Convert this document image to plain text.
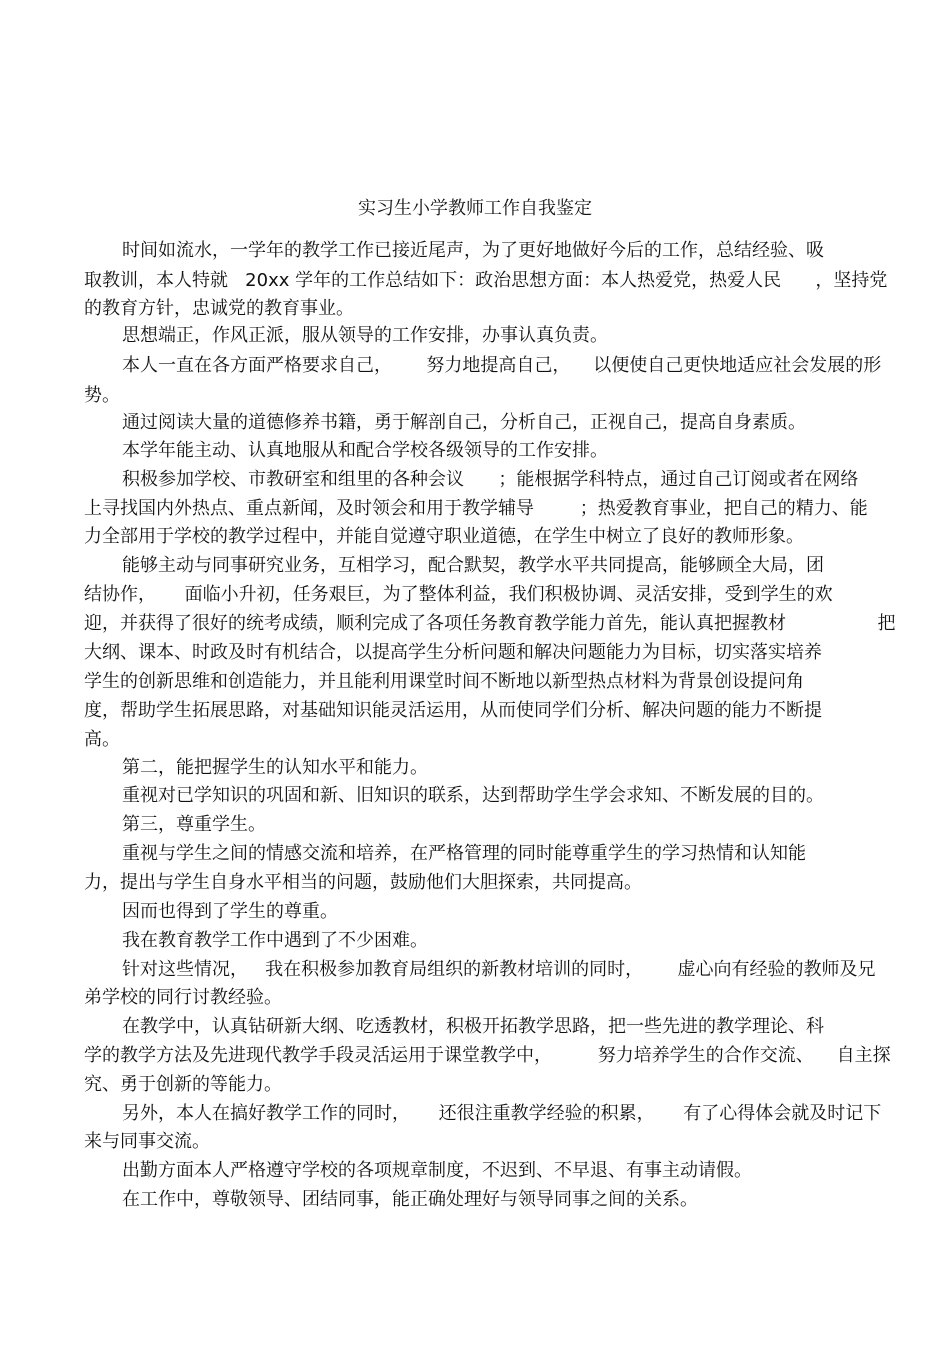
实习生小学教师工作自我鉴定
时间如流水，一学年的教学工作已接近尾声，为了更好地做好今后的工作，总结经验、吸
取教训，本人特就   20xx 学年的工作总结如下：政治思想方面：本人热爱党，热爱人民      ，坚持党
的教育方针，忠诚党的教育事业。
思想端正，作风正派，服从领导的工作安排，办事认真负责。
本人一直在各方面严格要求自己，      努力地提高自己，    以便使自己更快地适应社会发展的形
势。
通过阅读大量的道德修养书籍，勇于解剖自己，分析自己，正视自己，提高自身素质。
本学年能主动、认真地服从和配合学校各级领导的工作安排。
积极参加学校、市教研室和组里的各种会议      ；能根据学科特点，通过自己订阅或者在网络
上寻找国内外热点、重点新闻，及时领会和用于教学辅导        ；热爱教育事业，把自己的精力、能
力全部用于学校的教学过程中，并能自觉遵守职业道德，在学生中树立了良好的教师形象。
能够主动与同事研究业务，互相学习，配合默契，教学水平共同提高，能够顾全大局，团
结协作，     面临小升初，任务艰巨，为了整体利益，我们积极协调、灵活安排，受到学生的欢
迎，并获得了很好的统考成绩，顺利完成了各项任务教育教学能力首先，能认真把握教材                把
大纲、课本、时政及时有机结合，以提高学生分析问题和解决问题能力为目标，切实落实培养
学生的创新思维和创造能力，并且能利用课堂时间不断地以新型热点材料为背景创设提问角
度，帮助学生拓展思路，对基础知识能灵活运用，从而使同学们分析、解决问题的能力不断提
高。
第二，能把握学生的认知水平和能力。
重视对已学知识的巩固和新、旧知识的联系，达到帮助学生学会求知、不断发展的目的。
第三，尊重学生。
重视与学生之间的情感交流和培养，在严格管理的同时能尊重学生的学习热情和认知能
力，提出与学生自身水平相当的问题，鼓励他们大胆探索，共同提高。
因而也得到了学生的尊重。
我在教育教学工作中遇到了不少困难。
针对这些情况，   我在积极参加教育局组织的新教材培训的同时，      虚心向有经验的教师及兄
弟学校的同行讨教经验。
在教学中，认真钻研新大纲、吃透教材，积极开拓教学思路，把一些先进的教学理论、科
学的教学方法及先进现代教学手段灵活运用于课堂教学中，        努力培养学生的合作交流、    自主探
究、勇于创新的等能力。
另外，本人在搞好教学工作的同时，     还很注重教学经验的积累，     有了心得体会就及时记下
来与同事交流。
出勤方面本人严格遵守学校的各项规章制度，不迟到、不早退、有事主动请假。
在工作中，尊敬领导、团结同事，能正确处理好与领导同事之间的关系。
